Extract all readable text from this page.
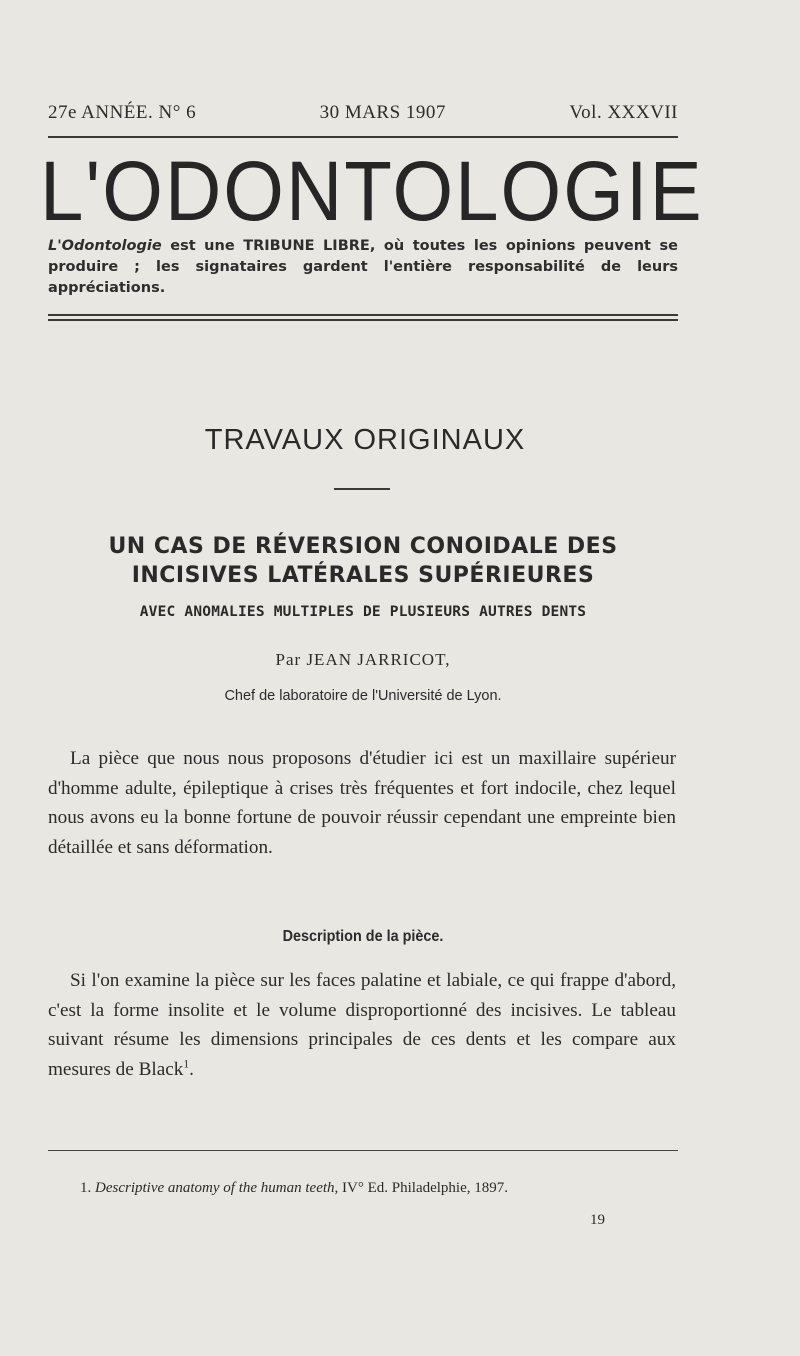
27e ANNÉE. N° 6	30 MARS 1907	Vol. XXXVII
L'ODONTOLOGIE
L'Odontologie est une TRIBUNE LIBRE, où toutes les opinions peuvent se produire ; les signataires gardent l'entière responsabilité de leurs appréciations.
TRAVAUX ORIGINAUX
UN CAS DE RÉVERSION CONOIDALE DES
INCISIVES LATÉRALES SUPÉRIEURES
AVEC ANOMALIES MULTIPLES DE PLUSIEURS AUTRES DENTS
Par JEAN JARRICOT,
Chef de laboratoire de l'Université de Lyon.
La pièce que nous nous proposons d'étudier ici est un maxillaire supérieur d'homme adulte, épileptique à crises très fréquentes et fort indocile, chez lequel nous avons eu la bonne fortune de pouvoir réussir cependant une empreinte bien détaillée et sans déformation.
Description de la pièce.
Si l'on examine la pièce sur les faces palatine et labiale, ce qui frappe d'abord, c'est la forme insolite et le volume disproportionné des incisives. Le tableau suivant résume les dimensions principales de ces dents et les compare aux mesures de Black$^1$.
1. Descriptive anatomy of the human teeth, IV° Ed. Philadelphie, 1897.
19
